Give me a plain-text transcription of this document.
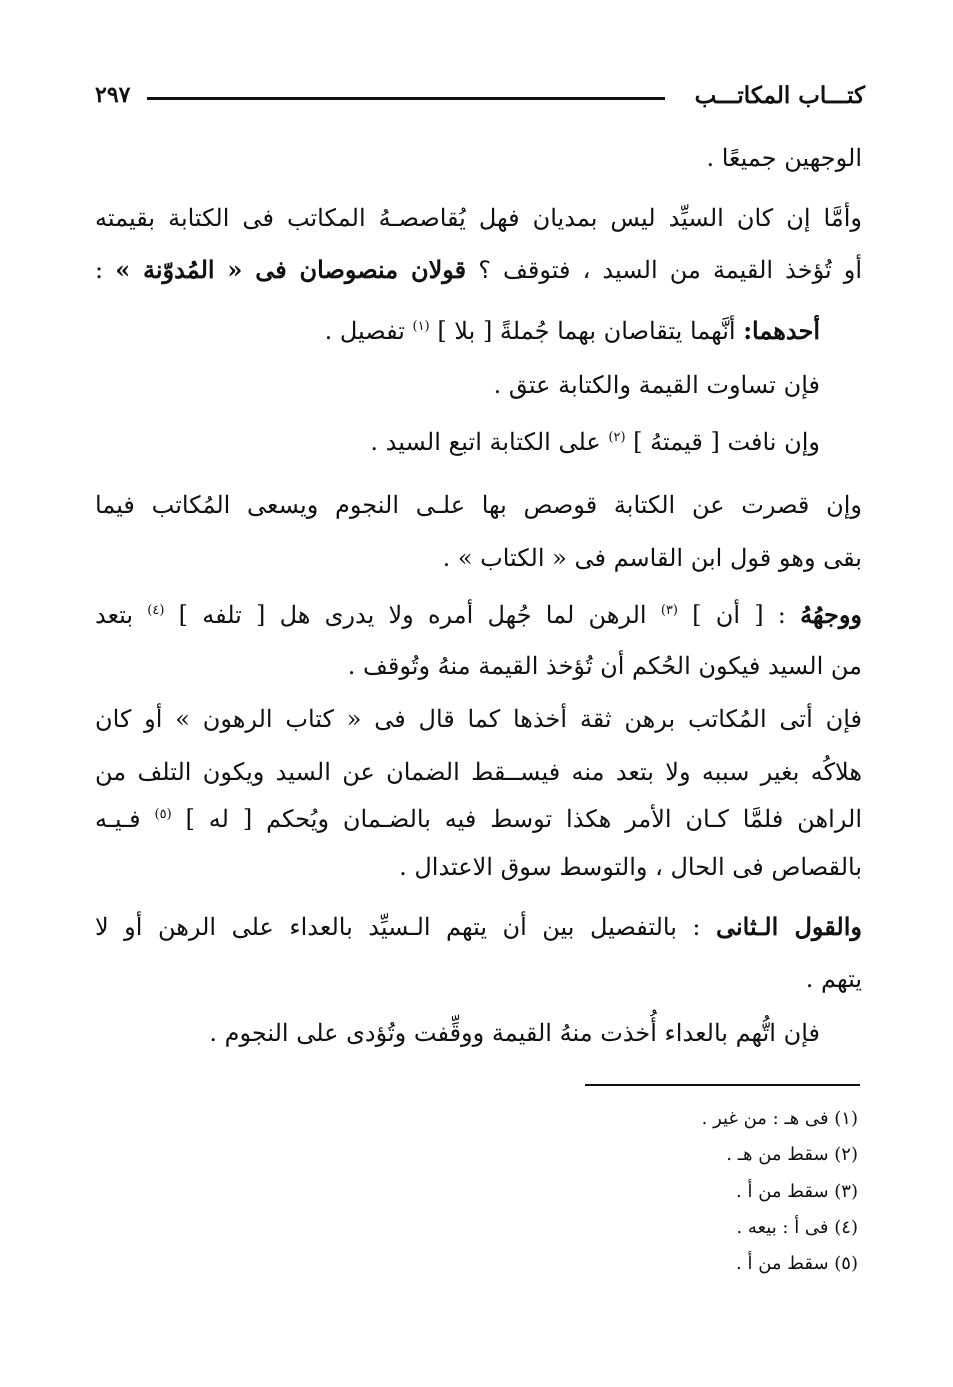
كتـــاب المكاتـــب
٢٩٧
الوجهين جميعًا .
وأمَّا إن كان السيِّد ليس بمديان فهل يُقاصصـهُ المكاتب فى الكتابة بقيمته
أو تُؤخذ القيمة من السيد ، فتوقف ؟ قولان منصوصان فى « المُدوّنة » :
أحدهما: أنَّهما يتقاصان بهما جُملةً [ بلا ] $^{(١)}$ تفصيل .
فإن تساوت القيمة والكتابة عتق .
وإن نافت [ قيمتهُ ] $^{(٢)}$ على الكتابة اتبع السيد .
وإن قصرت عن الكتابة قوصص بها علـى النجوم ويسعى المُكاتب فيما
بقى وهو قول ابن القاسم فى « الكتاب » .
ووجهُهُ : [ أن ] $^{(٣)}$ الرهن لما جُهل أمره ولا يدرى هل [ تلفه ] $^{(٤)}$ بتعد
من السيد فيكون الحُكم أن تُؤخذ القيمة منهُ وتُوقف .
فإن أتى المُكاتب برهن ثقة أخذها كما قال فى « كتاب الرهون » أو كان
هلاكُه بغير سببه ولا بتعد منه فيســقط الضمان عن السيد ويكون التلف من
الراهن فلمَّا كـان الأمر هكذا توسط فيه بالضـمان ويُحكم [ له ] $^{(٥)}$ فـيـه
بالقصاص فى الحال ، والتوسط سوق الاعتدال .
والقول الـثانى : بالتفصيل بين أن يتهم الـسيِّد بالعداء على الرهن أو لا
يتهم .
فإن اتُّهم بالعداء أُخذت منهُ القيمة ووقِّفت وتُؤدى على النجوم .
(١) فى هـ : من غير .
(٢) سقط من هـ .
(٣) سقط من أ .
(٤) فى أ : بيعه .
(٥) سقط من أ .
